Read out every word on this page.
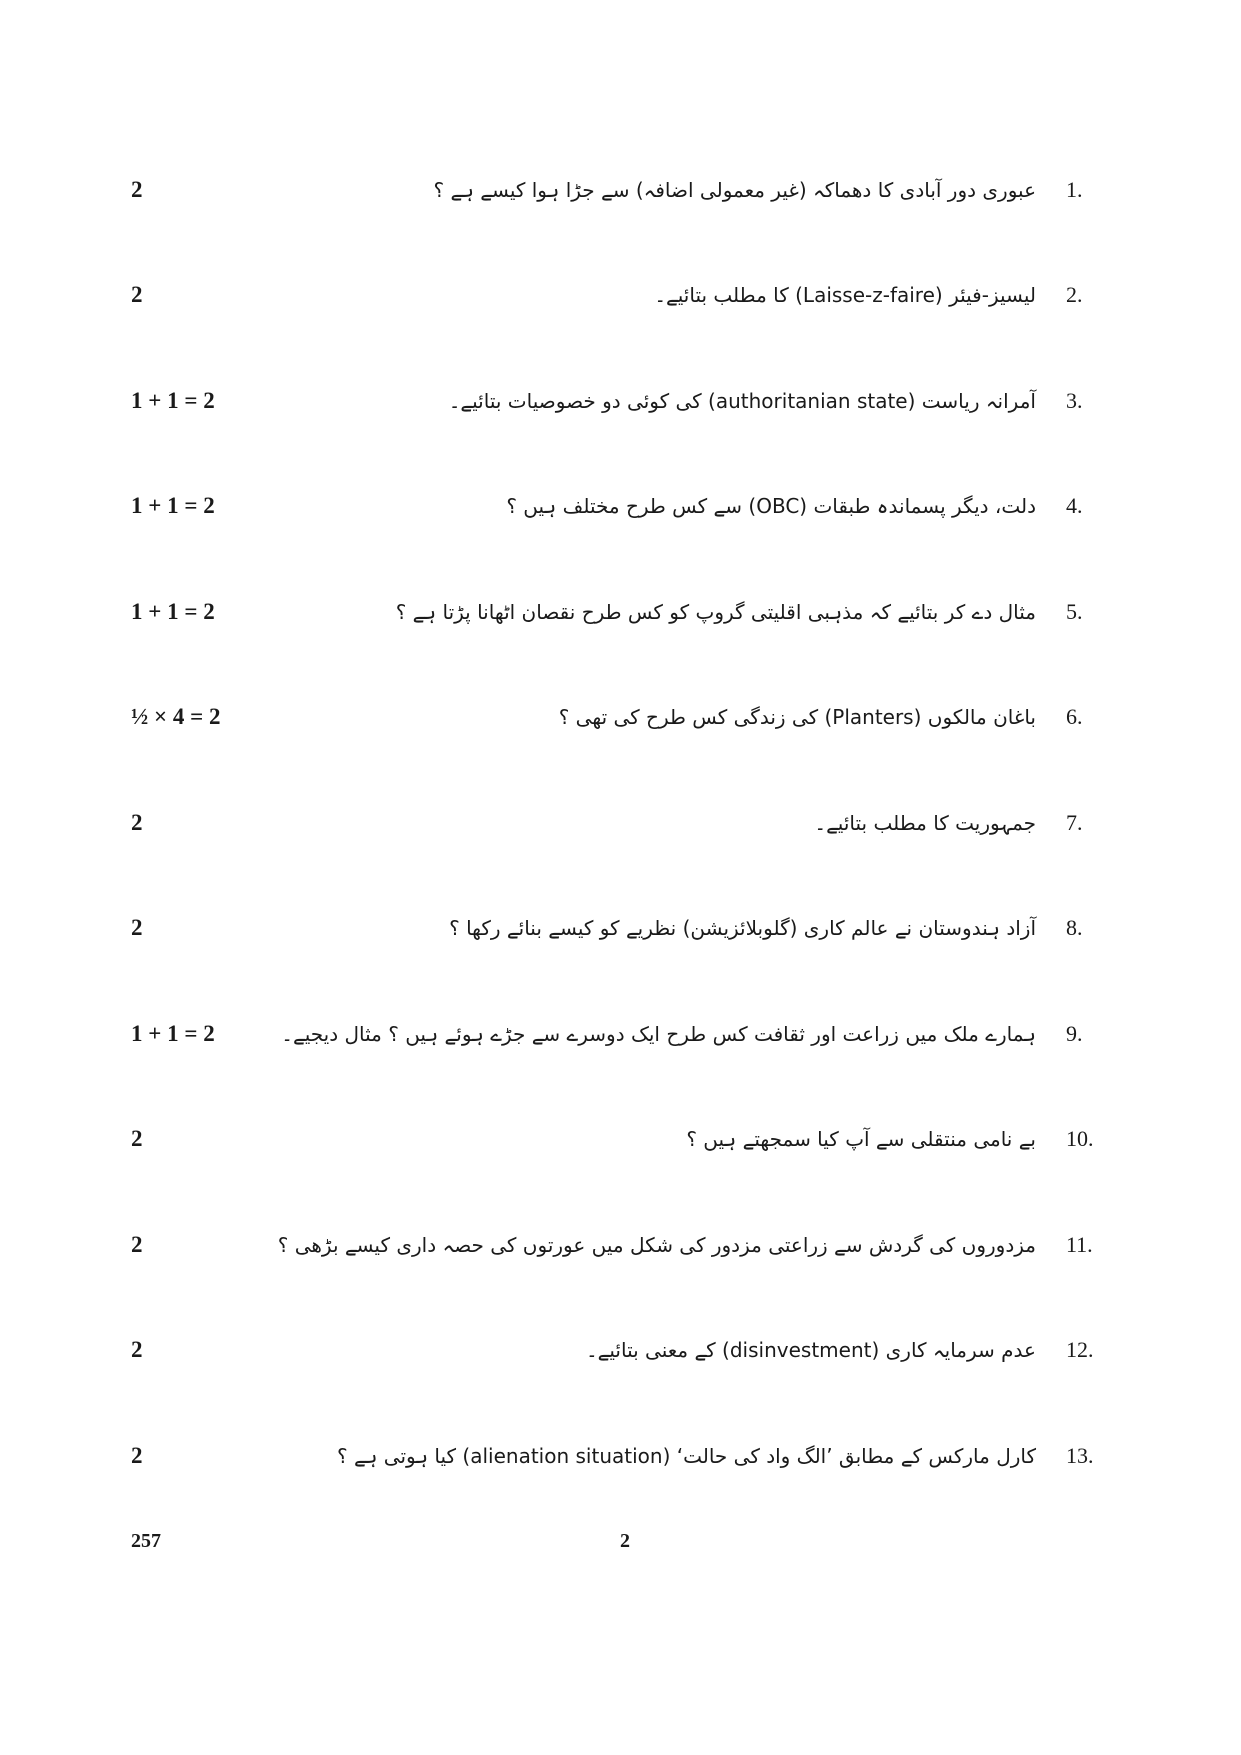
2	عبوری دور آبادی کا دھماکہ (غیر معمولی اضافہ) سے جڑا ہوا کیسے ہے ؟ 1.
2	لیسیز-فیئر (Laisse-z-faire) کا مطلب بتائیے۔ 2.
1 + 1 = 2	آمرانہ ریاست (authoritanian state) کی کوئی دو خصوصیات بتائیے۔ 3.
1 + 1 = 2	دلت، دیگر پسماندہ طبقات (OBC) سے کس طرح مختلف ہیں ؟ 4.
1 + 1 = 2	مثال دے کر بتائیے کہ مذہبی اقلیتی گروپ کو کس طرح نقصان اٹھانا پڑتا ہے ؟ 5.
½ × 4 = 2	باغان مالکوں (Planters) کی زندگی کس طرح کی تھی ؟ 6.
2	جمہوریت کا مطلب بتائیے۔ 7.
2	آزاد ہندوستان نے عالم کاری (گلوبلائزیشن) نظریے کو کیسے بنائے رکھا ؟ 8.
1 + 1 = 2	ہمارے ملک میں زراعت اور ثقافت کس طرح ایک دوسرے سے جڑے ہوئے ہیں ؟ مثال دیجیے۔ 9.
2	بے نامی منتقلی سے آپ کیا سمجھتے ہیں ؟ 10.
2	مزدوروں کی گردش سے زراعتی مزدور کی شکل میں عورتوں کی حصہ داری کیسے بڑھی ؟ 11.
2	عدم سرمایہ کاری (disinvestment) کے معنی بتائیے۔ 12.
2	کارل مارکس کے مطابق ’الگ واد کی حالت‘ (alienation situation) کیا ہوتی ہے ؟ 13.
257	2
